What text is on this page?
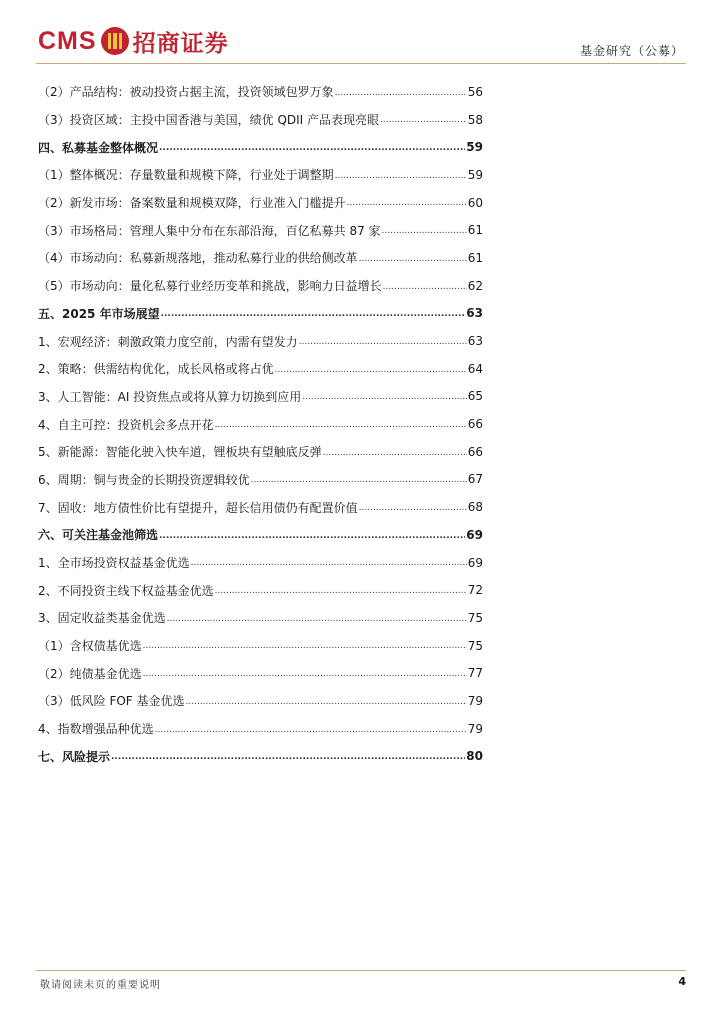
CMS 招商证券	基金研究（公募）
（2）产品结构：被动投资占据主流，投资领域包罗万象 .....	56
（3）投资区域：主投中国香港与美国，绩优 QDII 产品表现亮眼 .....	58
四、私募基金整体概况 .....	59
（1）整体概况：存量数量和规模下降，行业处于调整期 .....	59
（2）新发市场：备案数量和规模双降，行业准入门槛提升 .....	60
（3）市场格局：管理人集中分布在东部沿海，百亿私募共 87 家 .....	61
（4）市场动向：私募新规落地，推动私募行业的供给侧改革 .....	61
（5）市场动向：量化私募行业经历变革和挑战，影响力日益增长 .....	62
五、2025 年市场展望 .....	63
1、宏观经济：刺激政策力度空前，内需有望发力 .....	63
2、策略：供需结构优化，成长风格或将占优 .....	64
3、人工智能：AI 投资焦点或将从算力切换到应用 .....	65
4、自主可控：投资机会多点开花 .....	66
5、新能源：智能化驶入快车道，锂板块有望触底反弹 .....	66
6、周期：铜与贵金的长期投资逻辑较优 .....	67
7、固收：地方债性价比有望提升，超长信用债仍有配置价值 .....	68
六、可关注基金池筛选 .....	69
1、全市场投资权益基金优选 .....	69
2、不同投资主线下权益基金优选 .....	72
3、固定收益类基金优选 .....	75
（1）含权债基优选 .....	75
（2）纯债基金优选 .....	77
（3）低风险 FOF 基金优选 .....	79
4、指数增强品种优选 .....	79
七、风险提示 .....	80
敬请阅读末页的重要说明	4
